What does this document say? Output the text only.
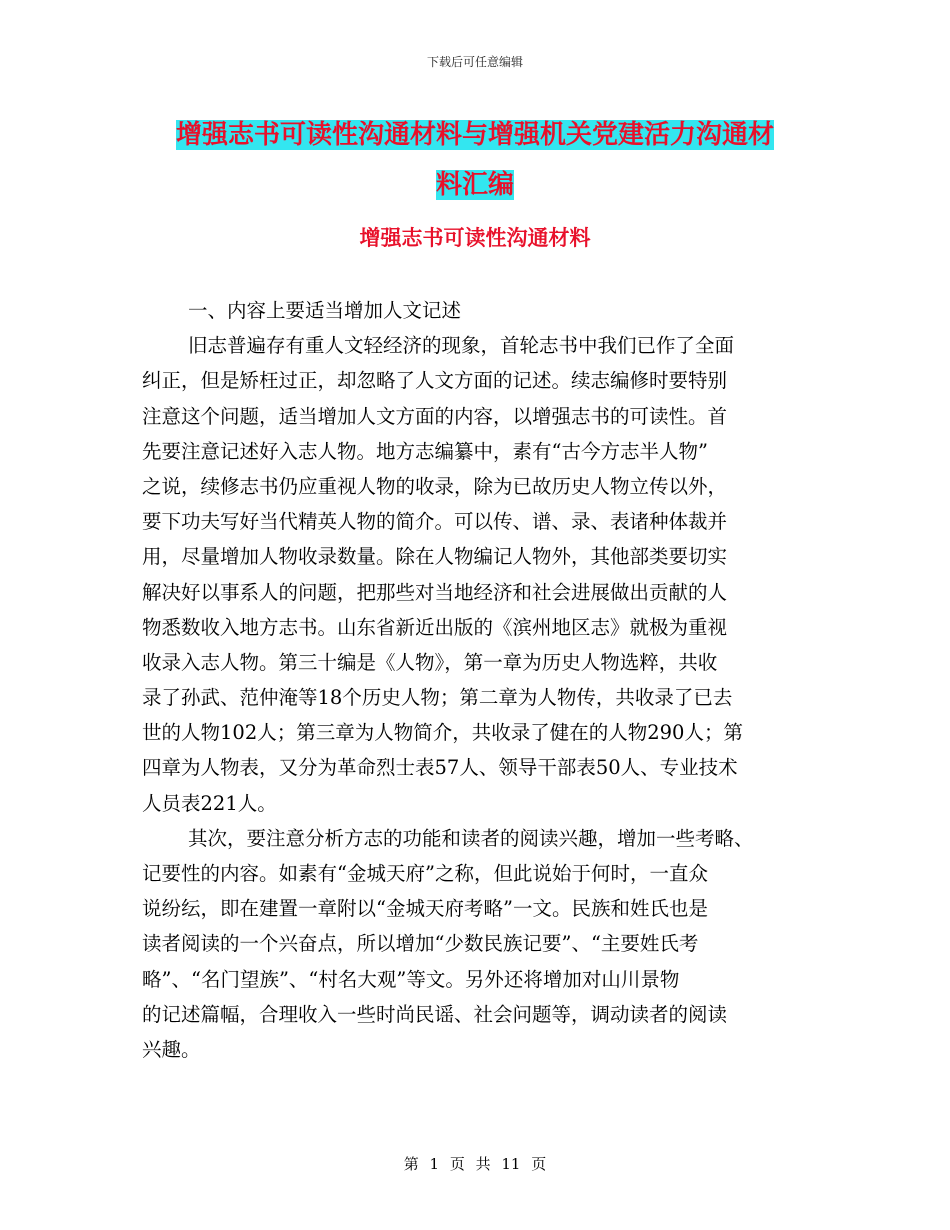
下载后可任意编辑
增强志书可读性沟通材料与增强机关党建活力沟通材
料汇编
增强志书可读性沟通材料
一、内容上要适当增加人文记述
旧志普遍存有重人文轻经济的现象，首轮志书中我们已作了全面
纠正，但是矫枉过正，却忽略了人文方面的记述。续志编修时要特别
注意这个问题，适当增加人文方面的内容，以增强志书的可读性。首
先要注意记述好入志人物。地方志编纂中，素有“古今方志半人物”
之说，续修志书仍应重视人物的收录，除为已故历史人物立传以外，
要下功夫写好当代精英人物的简介。可以传、谱、录、表诸种体裁并
用，尽量增加人物收录数量。除在人物编记人物外，其他部类要切实
解决好以事系人的问题，把那些对当地经济和社会进展做出贡献的人
物悉数收入地方志书。山东省新近出版的《滨州地区志》就极为重视
收录入志人物。第三十编是《人物》，第一章为历史人物选粹，共收
录了孙武、范仲淹等18个历史人物；第二章为人物传，共收录了已去
世的人物102人；第三章为人物简介，共收录了健在的人物290人；第
四章为人物表，又分为革命烈士表57人、领导干部表50人、专业技术
人员表221人。
其次，要注意分析方志的功能和读者的阅读兴趣，增加一些考略、
记要性的内容。如素有“金城天府”之称，但此说始于何时，一直众
说纷纭，即在建置一章附以“金城天府考略”一文。民族和姓氏也是
读者阅读的一个兴奋点，所以增加“少数民族记要”、“主要姓氏考
略”、“名门望族”、“村名大观”等文。另外还将增加对山川景物
的记述篇幅，合理收入一些时尚民谣、社会问题等，调动读者的阅读
兴趣。
第 1 页 共 11 页
